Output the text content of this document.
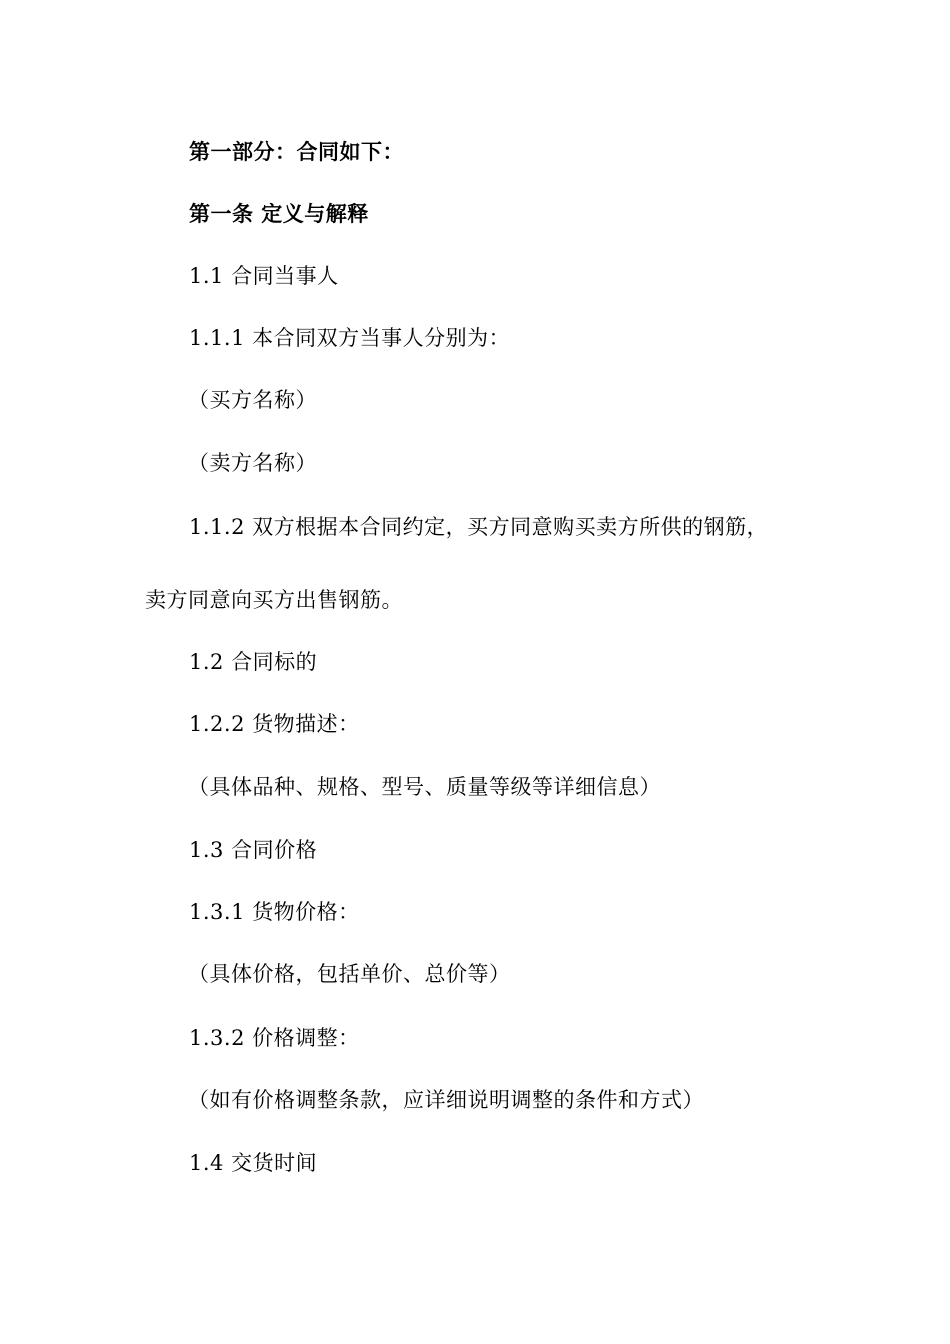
第一部分：合同如下：
第一条 定义与解释
1.1 合同当事人
1.1.1 本合同双方当事人分别为：
（买方名称）
（卖方名称）
1.1.2 双方根据本合同约定，买方同意购买卖方所供的钢筋，
卖方同意向买方出售钢筋。
1.2 合同标的
1.2.2 货物描述：
（具体品种、规格、型号、质量等级等详细信息）
1.3 合同价格
1.3.1 货物价格：
（具体价格，包括单价、总价等）
1.3.2 价格调整：
（如有价格调整条款，应详细说明调整的条件和方式）
1.4 交货时间
